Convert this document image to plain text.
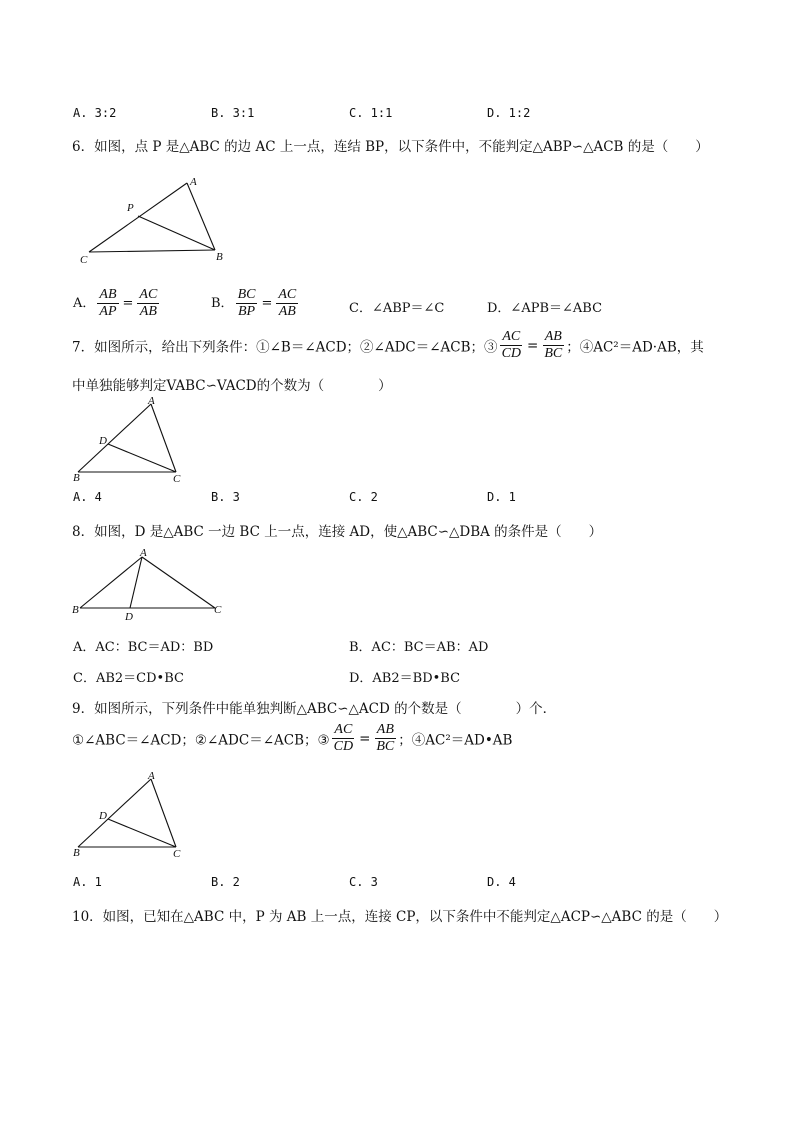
A. 3:2	B. 3:1	C. 1:1	D. 1:2
6．如图，点 P 是△ABC 的边 AC 上一点，连结 BP，以下条件中，不能判定△ABP∽△ACB 的是（　　）
A
P
C	B
A． $\frac{AB}{AP} = \frac{AC}{AB}$	B． $\frac{BC}{BP} = \frac{AC}{AB}$	C．∠ABP＝∠C	D．∠APB＝∠ABC
7．如图所示，给出下列条件：①∠B＝∠ACD；②∠ADC＝∠ACB；③ $\frac{AC}{CD} = \frac{AB}{BC}$ ；④AC²＝AD·AB，其
中单独能够判定VABC∽VACD的个数为（　　　　）
A
D
B	C
A. 4	B. 3	C. 2	D. 1
8．如图，D 是△ABC 一边 BC 上一点，连接 AD，使△ABC∽△DBA 的条件是（　　）
A
B
D
C
A．AC：BC＝AD：BD	B．AC：BC＝AB：AD
C．AB2＝CD•BC	D．AB2＝BD•BC
9．如图所示，下列条件中能单独判断△ABC∽△ACD 的个数是（　　　　）个．
①∠ABC＝∠ACD；②∠ADC＝∠ACB；③ $\frac{AC}{CD} = \frac{AB}{BC}$ ；④AC²＝AD•AB
A
D
B	C
A. 1	B. 2	C. 3	D. 4
10．如图，已知在△ABC 中，P 为 AB 上一点，连接 CP，以下条件中不能判定△ACP∽△ABC 的是（　　）
